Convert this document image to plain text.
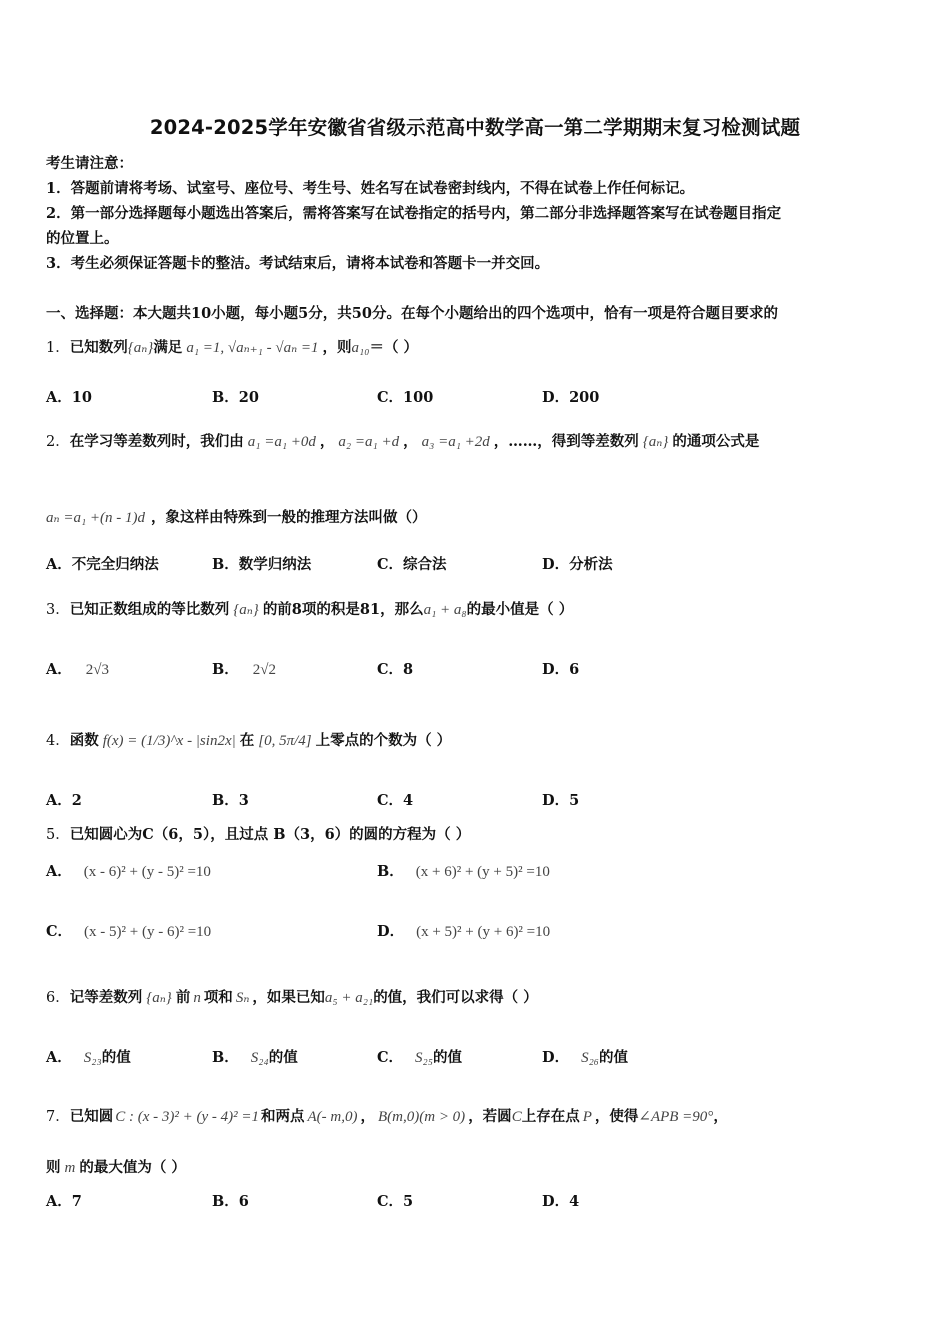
2024-2025学年安徽省省级示范高中数学高一第二学期期末复习检测试题
考生请注意：
1．答题前请将考场、试室号、座位号、考生号、姓名写在试卷密封线内，不得在试卷上作任何标记。
2．第一部分选择题每小题选出答案后，需将答案写在试卷指定的括号内，第二部分非选择题答案写在试卷题目指定
的位置上。
3．考生必须保证答题卡的整洁。考试结束后，请将本试卷和答题卡一并交回。
一、选择题：本大题共10小题，每小题5分，共50分。在每个小题给出的四个选项中，恰有一项是符合题目要求的
1．已知数列{aₙ}满足 a₁ =1, √aₙ₊₁ - √aₙ =1 ，则a₁₀＝（ ）
A．10	B．20	C．100	D．200
2．在学习等差数列时，我们由 a₁ =a₁ +0d ， a₂ =a₁ +d ， a₃ =a₁ +2d ，……，得到等差数列 {aₙ} 的通项公式是
aₙ =a₁ +(n - 1)d ，象这样由特殊到一般的推理方法叫做（）
A．不完全归纳法	B．数学归纳法	C．综合法	D．分析法
3．已知正数组成的等比数列 {aₙ} 的前8项的积是81，那么a₁ + a₈的最小值是（ ）
A． 2√3	B． 2√2	C．8	D．6
4．函数 f(x) = (1/3)^x - |sin2x| 在 [0, 5π/4] 上零点的个数为（ ）
A．2	B．3	C．4	D．5
5．已知圆心为C（6，5），且过点 B（3，6）的圆的方程为（ ）
A． (x - 6)² + (y - 5)² =10	B． (x + 6)² + (y + 5)² =10
C． (x - 5)² + (y - 6)² =10	D． (x + 5)² + (y + 6)² =10
6．记等差数列 {aₙ} 前 n 项和 Sₙ ，如果已知a₅ + a₂₁的值，我们可以求得（ ）
A． S₂₃的值	B． S₂₄的值	C． S₂₅的值	D． S₂₆的值
7．已知圆 C : (x - 3)² + (y - 4)² =1 和两点 A(- m,0) ， B(m,0)(m > 0) ，若圆C上存在点 P ，使得∠APB =90°，
则 m 的最大值为（ ）
A．7	B．6	C．5	D．4
